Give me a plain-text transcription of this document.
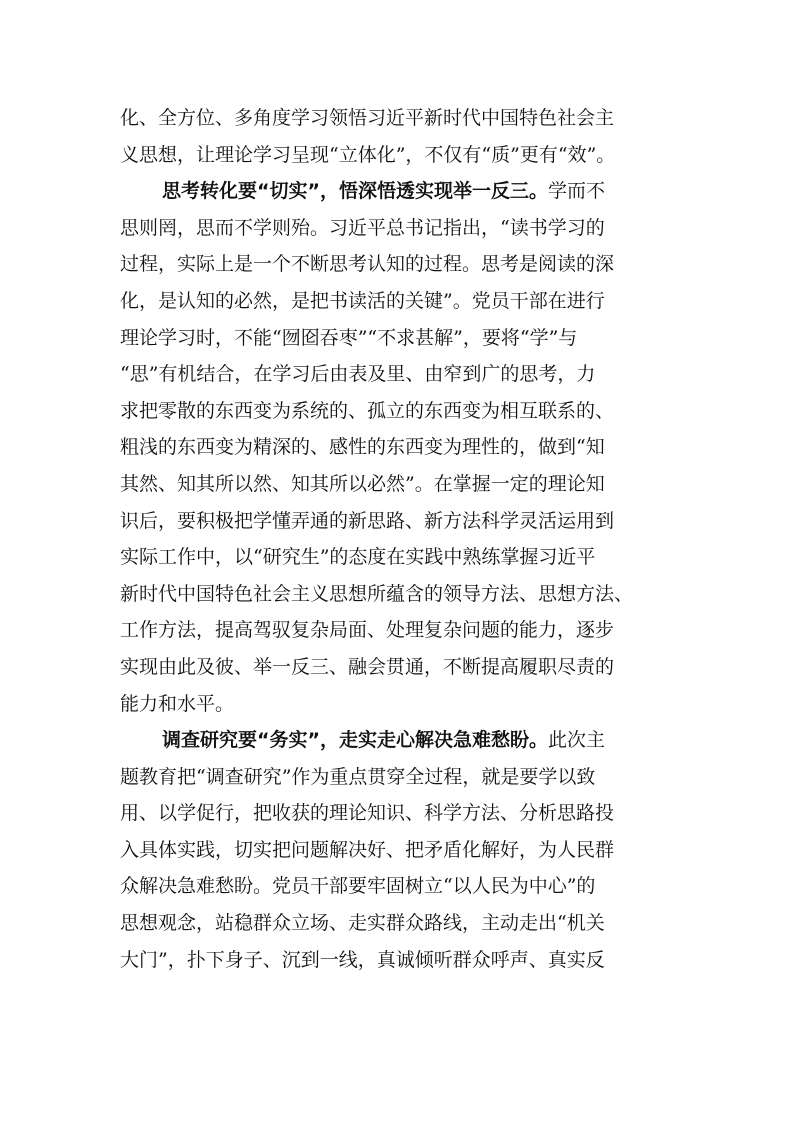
化、全方位、多角度学习领悟习近平新时代中国特色社会主
义思想，让理论学习呈现“立体化”，不仅有“质”更有“效”。
思考转化要“切实”，悟深悟透实现举一反三。学而不
思则罔，思而不学则殆。习近平总书记指出，“读书学习的
过程，实际上是一个不断思考认知的过程。思考是阅读的深
化，是认知的必然，是把书读活的关键”。党员干部在进行
理论学习时，不能“囫囵吞枣”“不求甚解”，要将“学”与
“思”有机结合，在学习后由表及里、由窄到广的思考，力
求把零散的东西变为系统的、孤立的东西变为相互联系的、
粗浅的东西变为精深的、感性的东西变为理性的，做到“知
其然、知其所以然、知其所以必然”。在掌握一定的理论知
识后，要积极把学懂弄通的新思路、新方法科学灵活运用到
实际工作中，以“研究生”的态度在实践中熟练掌握习近平
新时代中国特色社会主义思想所蕴含的领导方法、思想方法、
工作方法，提高驾驭复杂局面、处理复杂问题的能力，逐步
实现由此及彼、举一反三、融会贯通，不断提高履职尽责的
能力和水平。
调查研究要“务实”，走实走心解决急难愁盼。此次主
题教育把“调查研究”作为重点贯穿全过程，就是要学以致
用、以学促行，把收获的理论知识、科学方法、分析思路投
入具体实践，切实把问题解决好、把矛盾化解好，为人民群
众解决急难愁盼。党员干部要牢固树立“以人民为中心”的
思想观念，站稳群众立场、走实群众路线，主动走出“机关
大门”，扑下身子、沉到一线，真诚倾听群众呼声、真实反
